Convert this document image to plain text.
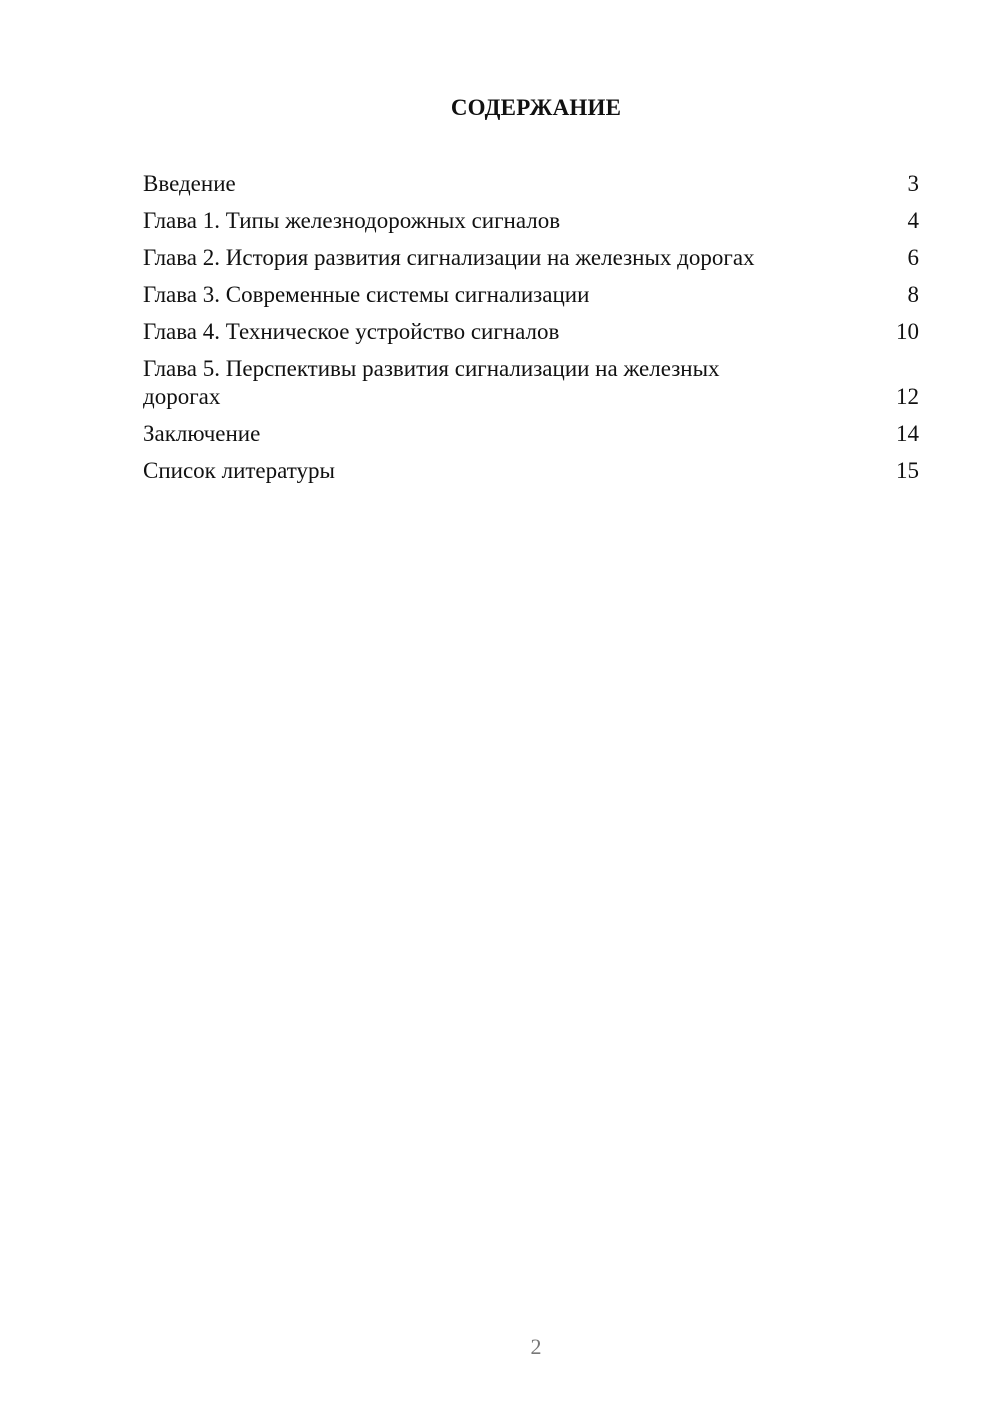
СОДЕРЖАНИЕ
Введение	3
Глава 1. Типы железнодорожных сигналов	4
Глава 2. История развития сигнализации на железных дорогах	6
Глава 3. Современные системы сигнализации	8
Глава 4. Техническое устройство сигналов	10
Глава 5. Перспективы развития сигнализации на железных дорогах	12
Заключение	14
Список литературы	15
2
